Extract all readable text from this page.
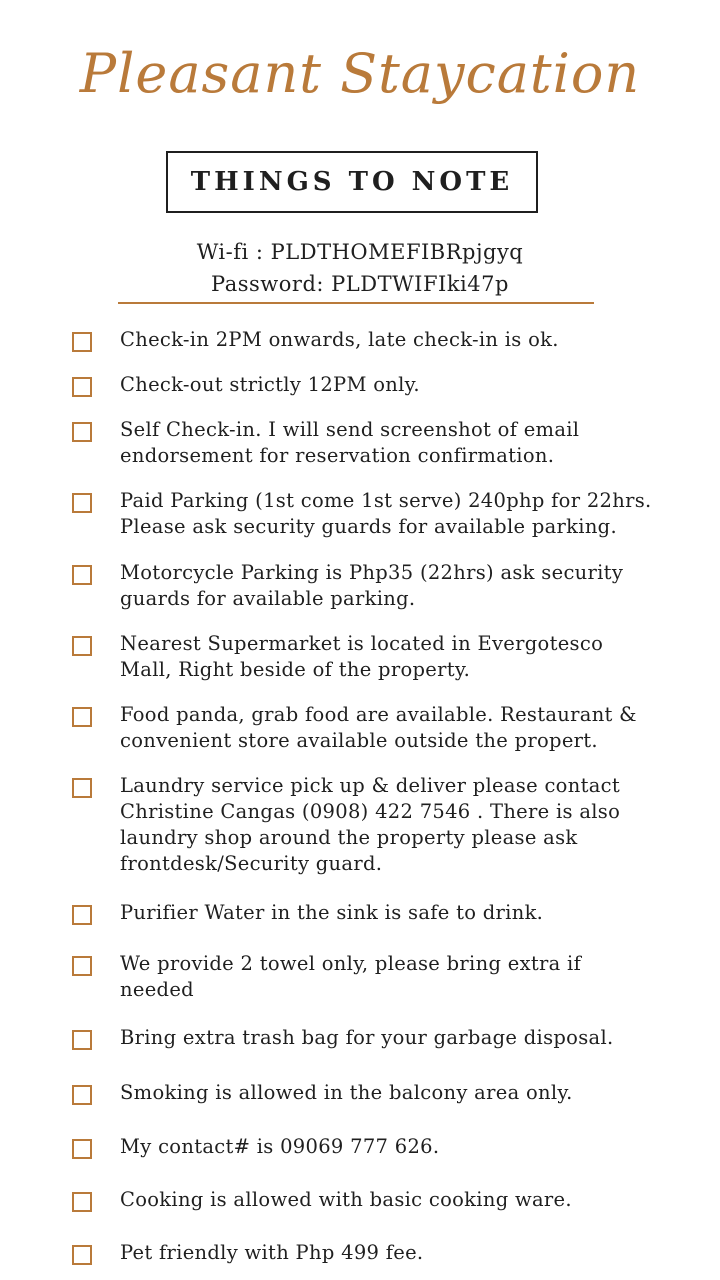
Pleasant Staycation
THINGS TO NOTE
Wi-fi : PLDTHOMEFIBRpjgyq
Password: PLDTWIFIki47p
Check-in 2PM onwards, late check-in is ok.
Check-out strictly 12PM only.
Self Check-in. I will send screenshot of email endorsement for reservation confirmation.
Paid Parking (1st come 1st serve) 240php for 22hrs. Please ask security guards for available parking.
Motorcycle Parking is Php35 (22hrs) ask security guards for available parking.
Nearest Supermarket is located in Evergotesco Mall, Right beside of the property.
Food panda, grab food are available. Restaurant & convenient store available outside the propert.
Laundry service pick up & deliver please contact Christine Cangas (0908) 422 7546 . There is also laundry shop around the property please ask frontdesk/Security guard.
Purifier Water in the sink is safe to drink.
We provide 2 towel only, please bring extra if needed
Bring extra trash bag for your garbage disposal.
Smoking is allowed in the balcony area only.
My contact# is 09069 777 626.
Cooking is allowed with basic cooking ware.
Pet friendly with Php 499 fee.
